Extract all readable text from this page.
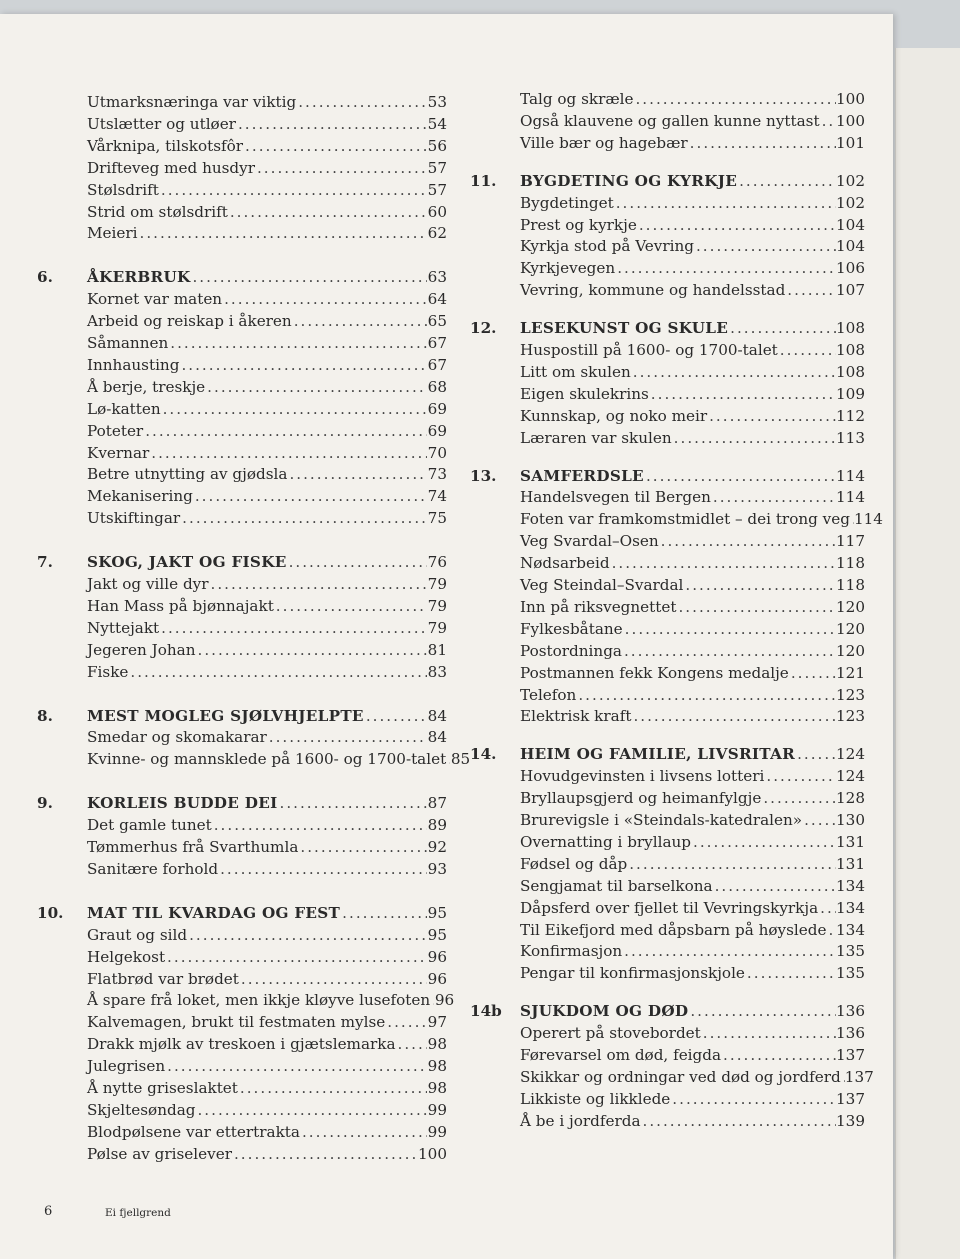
Utmarksnæringa var viktig .....	53
Utslætter og utløer .....	54
Vårknipa, tilskotsfôr .....	56
Drifteveg med husdyr .....	57
Stølsdrift .....	57
Strid om stølsdrift .....	60
Meieri .....	62
6.	ÅKERBRUK .....	63
Kornet var maten .....	64
Arbeid og reiskap i åkeren .....	65
Såmannen .....	67
Innhausting .....	67
Å berje, treskje .....	68
Lø-katten .....	69
Poteter .....	69
Kvernar .....	70
Betre utnytting av gjødsla .....	73
Mekanisering .....	74
Utskiftingar .....	75
7.	SKOG, JAKT OG FISKE .....	76
Jakt og ville dyr .....	79
Han Mass på bjønnajakt .....	79
Nyttejakt .....	79
Jegeren Johan .....	81
Fiske .....	83
8.	MEST MOGLEG SJØLVHJELPTE .....	84
Smedar og skomakarar .....	84
Kvinne- og mannsklede på 1600- og 1700-talet ..... 85
9.	KORLEIS BUDDE DEI .....	87
Det gamle tunet .....	89
Tømmerhus frå Svarthumla .....	92
Sanitære forhold .....	93
10.	MAT TIL KVARDAG OG FEST .....	95
Graut og sild .....	95
Helgekost .....	96
Flatbrød var brødet .....	96
Å spare frå loket, men ikkje kløyve lusefoten ..... 96
Kalvemagen, brukt til festmaten mylse .....	97
Drakk mjølk av treskoen i gjætslemarka ..... 98
Julegrisen .....	98
Å nytte griseslaktet .....	98
Skjeltesøndag .....	99
Blodpølsene var ettertrakta .....	99
Pølse av griselever .....	100
Talg og skræle .....	100
Også klauvene og gallen kunne nyttast ..... 100
Ville bær og hagebær .....	101
11.	BYGDETING OG KYRKJE .....	102
Bygdetinget .....	102
Prest og kyrkje .....	104
Kyrkja stod på Vevring .....	104
Kyrkjevegen .....	106
Vevring, kommune og handelsstad .....	107
12.	LESEKUNST OG SKULE .....	108
Huspostill på 1600- og 1700-talet .....	108
Litt om skulen .....	108
Eigen skulekrins .....	109
Kunnskap, og noko meir .....	112
Læraren var skulen .....	113
13.	SAMFERDSLE .....	114
Handelsvegen til Bergen .....	114
Foten var framkomstmidlet – dei trong veg ..... 114
Veg Svardal–Osen .....	117
Nødsarbeid .....	118
Veg Steindal–Svardal .....	118
Inn på riksvegnettet .....	120
Fylkesbåtane .....	120
Postordninga .....	120
Postmannen fekk Kongens medalje .....	121
Telefon .....	123
Elektrisk kraft .....	123
14.	HEIM OG FAMILIE, LIVSRITAR .....	124
Hovudgevinsten i livsens lotteri .....	124
Bryllaupsgjerd og heimanfylgje .....	128
Brurevigsle i «Steindals-katedralen» ..... 130
Overnatting i bryllaup .....	131
Fødsel og dåp .....	131
Sengjamat til barselkona .....	134
Dåpsferd over fjellet til Vevringskyrkja ..... 134
Til Eikefjord med dåpsbarn på høyslede ..... 134
Konfirmasjon .....	135
Pengar til konfirmasjonskjole .....	135
14b	SJUKDOM OG DØD .....	136
Operert på stovebordet .....	136
Førevarsel om død, feigda .....	137
Skikkar og ordningar ved død og jordferd ..... 137
Likkiste og likklede .....	137
Å be i jordferda .....	139
6	Ei fjellgrend
